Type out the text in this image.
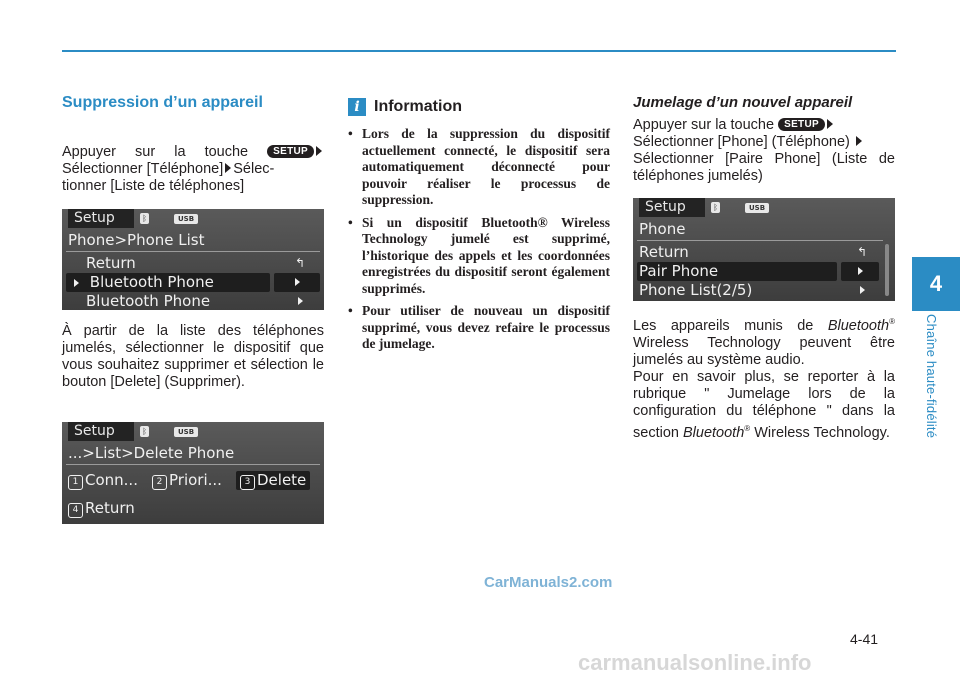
4
Chaîne haute-fidélité
Suppression d’un appareil

Appuyer sur la touche	SETUP Sélectionner [Téléphone] Sélec-
tionner [Liste de téléphones]

Setup	ᛒ	USB
Phone>Phone List
Return	↰
Bluetooth Phone
Bluetooth Phone

À partir de la liste des téléphones jumelés, sélectionner le dispositif que vous souhaitez supprimer et sélection le bouton [Delete] (Supprimer).

Setup	ᛒ	USB
...>List>Delete Phone
1 Conn...	2 Priori...	3 Delete
4 Return
i Information
• Lors de la suppression du dispositif actuellement connecté, le dispositif sera automatiquement déconnecté pour pouvoir réaliser le processus de suppression.
• Si un dispositif Bluetooth® Wireless Technology jumelé est supprimé, l’historique des appels et les coordonnées enregistrées du dispositif seront également supprimés.
• Pour utiliser de nouveau un dispositif supprimé, vous devez refaire le processus de jumelage.
Jumelage d’un nouvel appareil

Appuyer sur la touche SETUP
Sélectionner [Phone] (Téléphone)
Sélectionner [Paire Phone] (Liste de téléphones jumelés)

Setup	ᛒ	USB
Phone
Return	↰
Pair Phone
Phone List(2/5)

Les appareils munis de Bluetooth® Wireless Technology peuvent être jumelés au système audio.

Pour en savoir plus, se reporter à la rubrique " Jumelage lors de la configuration du téléphone " dans la section Bluetooth® Wireless Technology.

CarManuals2.com
4-41
carmanualsonline.info
